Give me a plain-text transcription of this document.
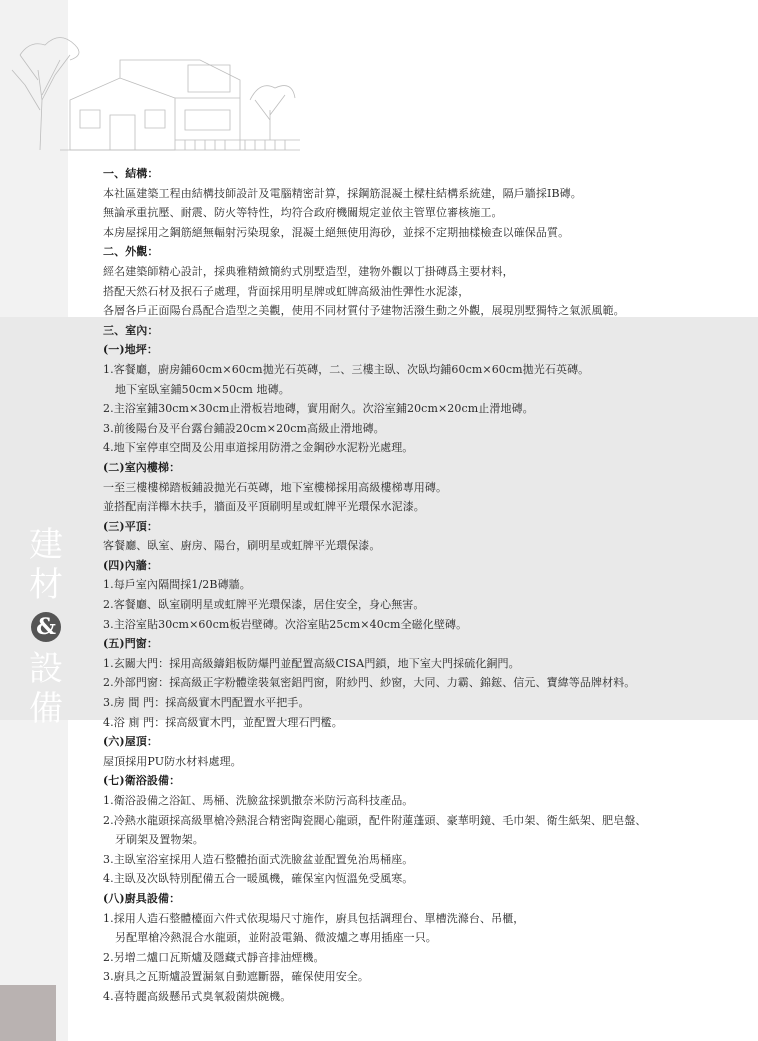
建
材
&
設
備
一、結構：
本社區建築工程由結構技師設計及電腦精密計算，採鋼筋混凝土樑柱結構系統建，隔戶牆採IB磚。
無論承重抗壓、耐震、防火等特性，均符合政府機關規定並依主管單位審核施工。
本房屋採用之鋼筋絕無輻射污染現象，混凝土絕無使用海砂，並採不定期抽樣檢查以確保品質。
二、外觀：
經名建築師精心設計，採典雅精緻簡約式別墅造型，建物外觀以丁掛磚爲主要材料，
搭配天然石材及抿石子處理，背面採用明星牌或虹牌高級油性彈性水泥漆，
各層各戶正面陽台爲配合造型之美觀，使用不同材質付予建物活潑生動之外觀，展現別墅獨特之氣派風範。
三、室內：
(一)地坪：
1.客餐廳，廚房鋪60cm×60cm拋光石英磚，二、三樓主臥、次臥均鋪60cm×60cm拋光石英磚。
地下室臥室鋪50cm×50cm 地磚。
2.主浴室鋪30cm×30cm止滑板岩地磚，實用耐久。次浴室鋪20cm×20cm止滑地磚。
3.前後陽台及平台露台鋪設20cm×20cm高級止滑地磚。
4.地下室停車空間及公用車道採用防滑之金鋼砂水泥粉光處理。
(二)室內樓梯：
一至三樓樓梯踏板鋪設拋光石英磚，地下室樓梯採用高級樓梯專用磚。
並搭配南洋櫸木扶手，牆面及平頂刷明星或虹牌平光環保水泥漆。
(三)平頂：
客餐廳、臥室、廚房、陽台，刷明星或虹牌平光環保漆。
(四)內牆：
1.每戶室內隔間採1/2B磚牆。
2.客餐廳、臥室刷明星或虹牌平光環保漆，居住安全，身心無害。
3.主浴室貼30cm×60cm板岩壁磚。次浴室貼25cm×40cm全磁化壁磚。
(五)門窗：
1.玄關大門：採用高級鑄鋁板防爆門並配置高級CISA門鎖，地下室大門採硫化銅門。
2.外部門窗：採高級正字粉體塗裝氣密鋁門窗，附紗門、紗窗，大同、力霸、錦鋐、信元、寶緯等品牌材料。
3.房 間 門：採高級實木門配置水平把手。
4.浴 廁 門：採高級實木門，並配置大理石門檻。
(六)屋頂：
屋頂採用PU防水材料處理。
(七)衛浴設備：
1.衛浴設備之浴缸、馬桶、洗臉盆採凱撒奈米防污高科技產品。
2.冷熱水龍頭採高級單槍冷熱混合精密陶瓷閥心龍頭，配件附蓮蓬頭、豪華明鏡、毛巾架、衛生紙架、肥皂盤、
牙刷架及置物架。
3.主臥室浴室採用人造石整體抬面式洗臉盆並配置免治馬桶座。
4.主臥及次臥特別配備五合一暖風機，確保室內恆溫免受風寒。
(八)廚具設備：
1.採用人造石整體檯面六件式依現場尺寸施作，廚具包括調理台、單槽洗滌台、吊櫃，
另配單槍冷熱混合水龍頭，並附設電鍋、微波爐之專用插座一只。
2.另增二爐口瓦斯爐及隱藏式靜音排油煙機。
3.廚具之瓦斯爐設置漏氣自動遮斷器，確保使用安全。
4.喜特麗高級懸吊式臭氧殺菌烘碗機。
